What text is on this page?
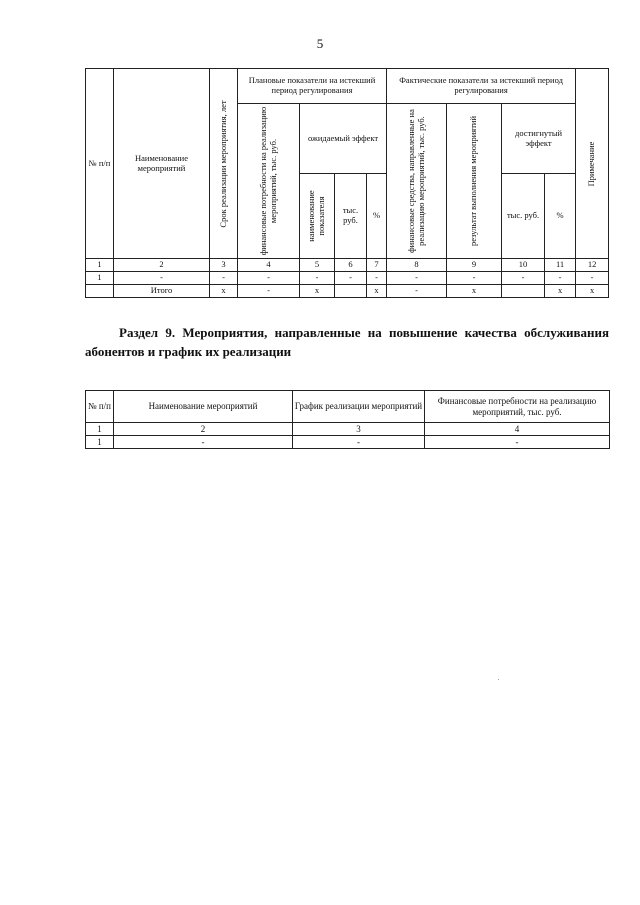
5
№ п/п	Наименование мероприятий	Срок реализации мероприятия, лет	Плановые показатели на истекший период регулирования				Фактические показатели за истекший период регулирования				Примечание

			финансовые потребности на реализацию мероприятий, тыс. руб.	ожидаемый эффект			финансовые средства, направленные на реализацию мероприятий, тыс. руб.	результат выполнения мероприятий	достигнутый эффект		

				наименование показателя	тыс. руб.	%			тыс. руб.	%	
1	2	3	4	5	6	7	8	9	10	11	12
1	-	-	-	-	-	-	-	-	-	-	-
	Итого	x	-	x		x	-	x		x	x
Раздел 9. Мероприятия, направленные на повышение качества обслуживания абонентов и график их реализации
№ п/п	Наименование мероприятий	График реализации мероприятий	Финансовые потребности на реализацию мероприятий, тыс. руб.
1	2	3	4
1	-	-	-
